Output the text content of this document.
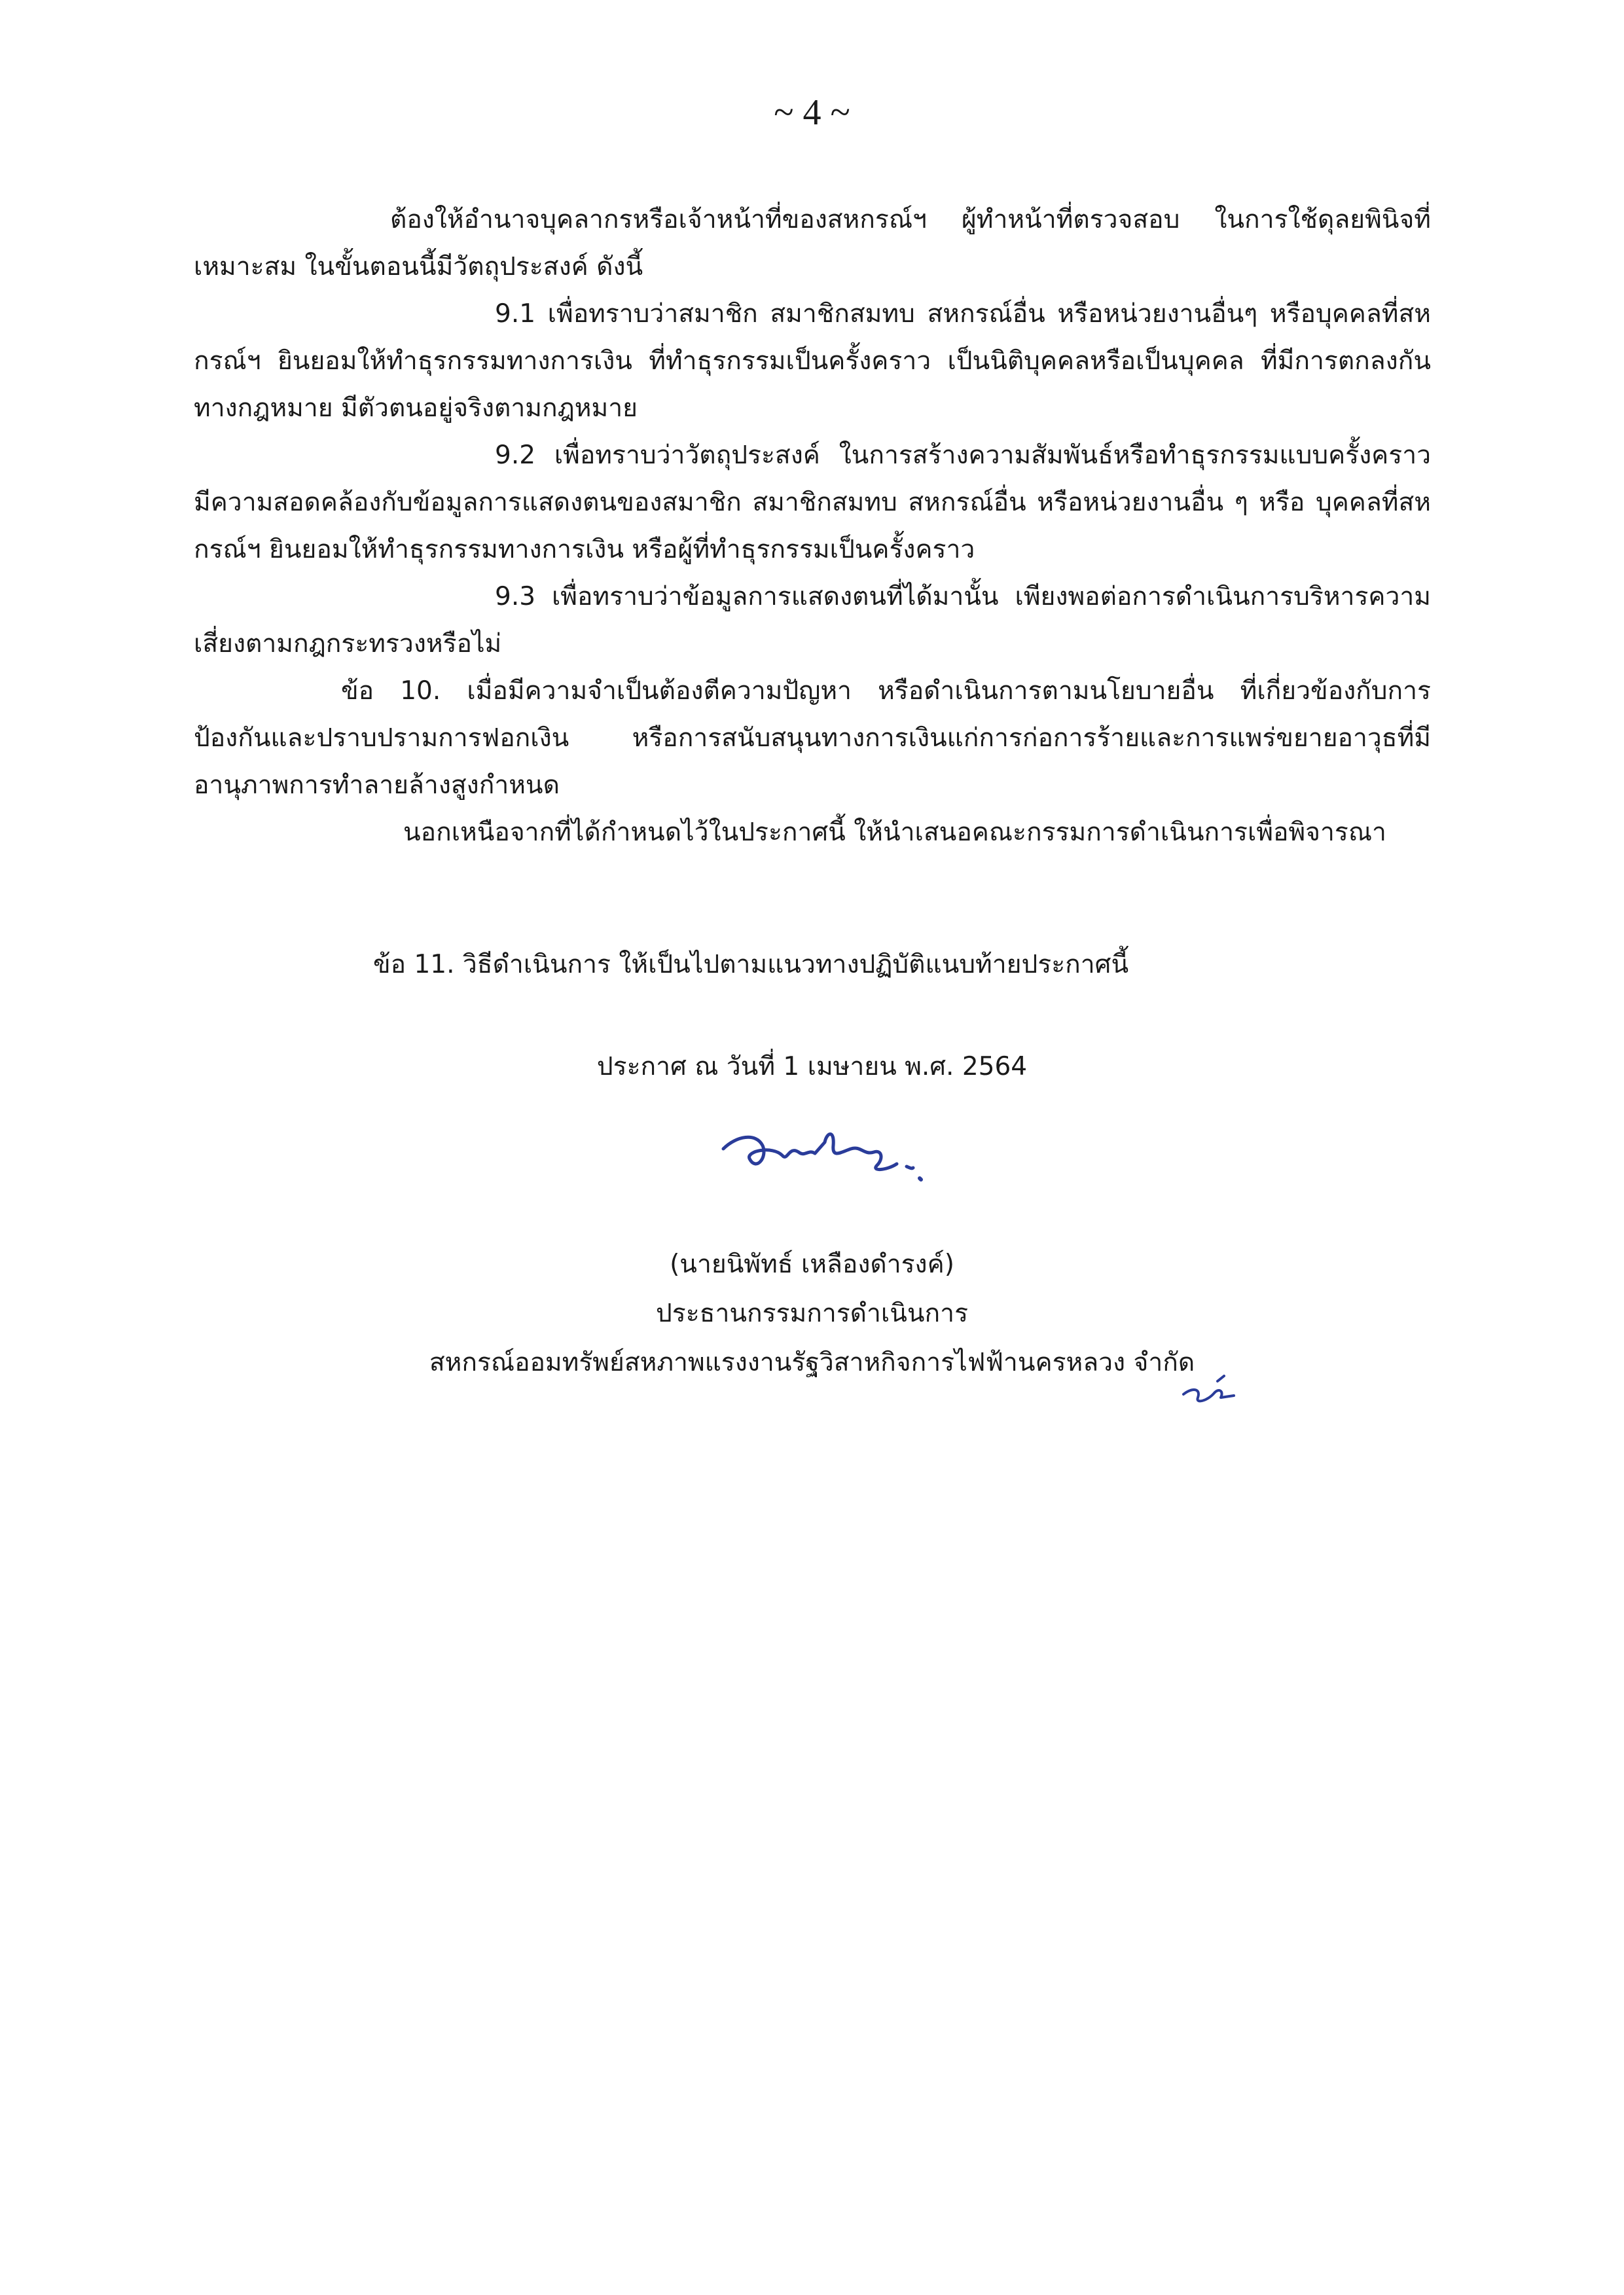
~ 4 ~

ต้องให้อำนาจบุคลากรหรือเจ้าหน้าที่ของสหกรณ์ฯ ผู้ทำหน้าที่ตรวจสอบ ในการใช้ดุลยพินิจที่เหมาะสม ในขั้นตอนนี้มีวัตถุประสงค์ ดังนี้

9.1 เพื่อทราบว่าสมาชิก สมาชิกสมทบ สหกรณ์อื่น หรือหน่วยงานอื่นๆ หรือบุคคลที่สหกรณ์ฯ ยินยอมให้ทำธุรกรรมทางการเงิน ที่ทำธุรกรรมเป็นครั้งคราว เป็นนิติบุคคลหรือเป็นบุคคล ที่มีการตกลงกันทางกฎหมาย มีตัวตนอยู่จริงตามกฎหมาย

9.2 เพื่อทราบว่าวัตถุประสงค์ ในการสร้างความสัมพันธ์หรือทำธุรกรรมแบบครั้งคราว มีความสอดคล้องกับข้อมูลการแสดงตนของสมาชิก สมาชิกสมทบ สหกรณ์อื่น หรือหน่วยงานอื่น ๆ หรือ บุคคลที่สหกรณ์ฯ ยินยอมให้ทำธุรกรรมทางการเงิน หรือผู้ที่ทำธุรกรรมเป็นครั้งคราว

9.3 เพื่อทราบว่าข้อมูลการแสดงตนที่ได้มานั้น เพียงพอต่อการดำเนินการบริหารความเสี่ยงตามกฎกระทรวงหรือไม่

ข้อ 10. เมื่อมีความจำเป็นต้องตีความปัญหา หรือดำเนินการตามนโยบายอื่น ที่เกี่ยวข้องกับการป้องกันและปราบปรามการฟอกเงิน หรือการสนับสนุนทางการเงินแก่การก่อการร้ายและการแพร่ขยายอาวุธที่มีอานุภาพการทำลายล้างสูงกำหนด

นอกเหนือจากที่ได้กำหนดไว้ในประกาศนี้ ให้นำเสนอคณะกรรมการดำเนินการเพื่อพิจารณา

ข้อ 11. วิธีดำเนินการ ให้เป็นไปตามแนวทางปฏิบัติแนบท้ายประกาศนี้
ประกาศ ณ วันที่ 1 เมษายน พ.ศ. 2564
(นายนิพัทธ์ เหลืองดำรงค์)
ประธานกรรมการดำเนินการ
สหกรณ์ออมทรัพย์สหภาพแรงงานรัฐวิสาหกิจการไฟฟ้านครหลวง จำกัด
